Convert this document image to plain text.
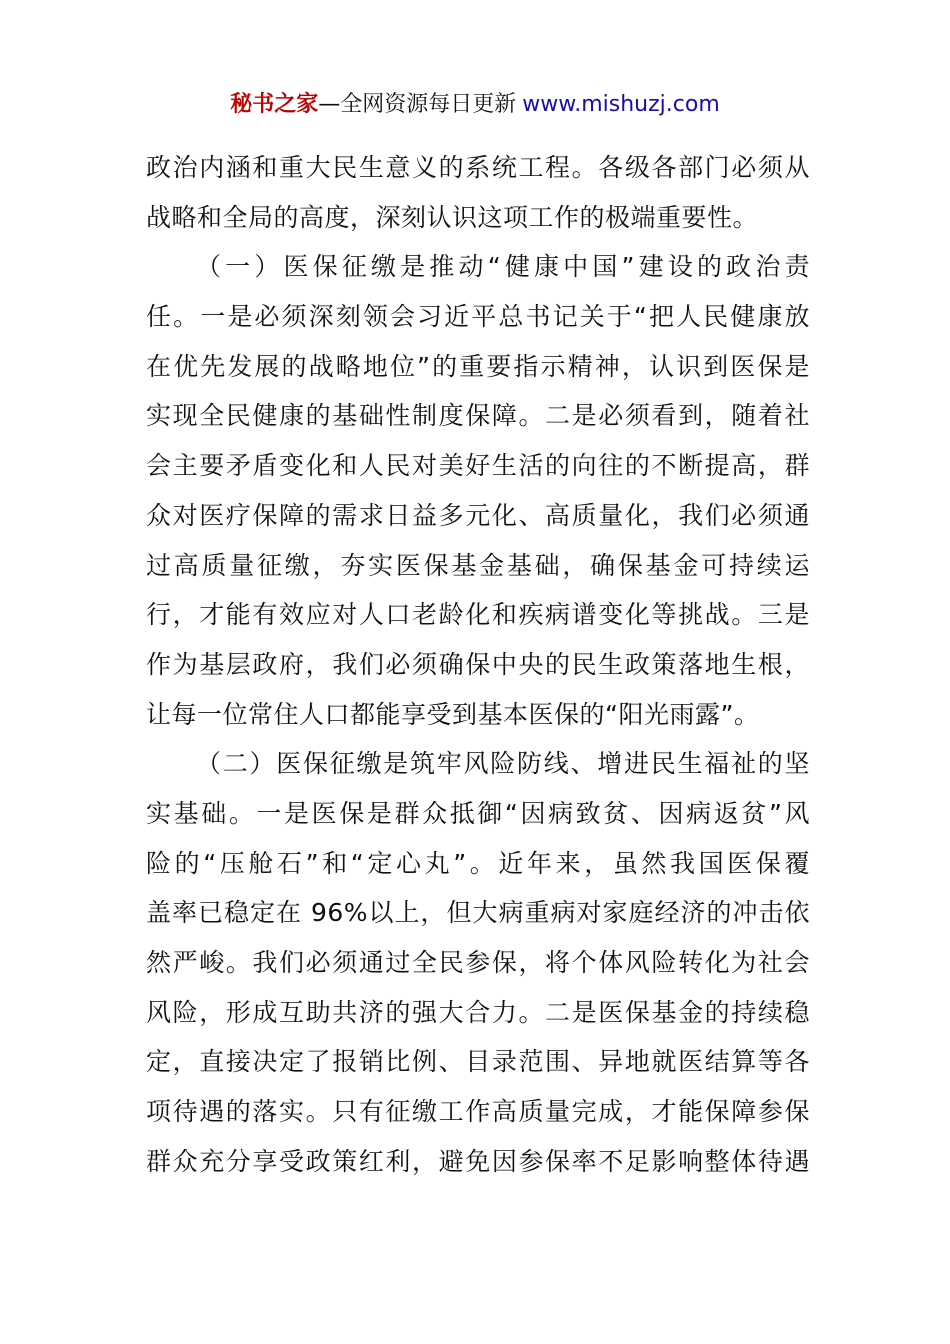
秘书之家—全网资源每日更新 www.mishuzj.com
政治内涵和重大民生意义的系统工程。各级各部门必须从
战略和全局的高度，深刻认识这项工作的极端重要性。
（一）医保征缴是推动“健康中国”建设的政治责
任。一是必须深刻领会习近平总书记关于“把人民健康放
在优先发展的战略地位”的重要指示精神，认识到医保是
实现全民健康的基础性制度保障。二是必须看到，随着社
会主要矛盾变化和人民对美好生活的向往的不断提高，群
众对医疗保障的需求日益多元化、高质量化，我们必须通
过高质量征缴，夯实医保基金基础，确保基金可持续运
行，才能有效应对人口老龄化和疾病谱变化等挑战。三是
作为基层政府，我们必须确保中央的民生政策落地生根，
让每一位常住人口都能享受到基本医保的“阳光雨露”。
（二）医保征缴是筑牢风险防线、增进民生福祉的坚
实基础。一是医保是群众抵御“因病致贫、因病返贫”风
险的“压舱石”和“定心丸”。近年来，虽然我国医保覆
盖率已稳定在 96%以上，但大病重病对家庭经济的冲击依
然严峻。我们必须通过全民参保，将个体风险转化为社会
风险，形成互助共济的强大合力。二是医保基金的持续稳
定，直接决定了报销比例、目录范围、异地就医结算等各
项待遇的落实。只有征缴工作高质量完成，才能保障参保
群众充分享受政策红利，避免因参保率不足影响整体待遇
